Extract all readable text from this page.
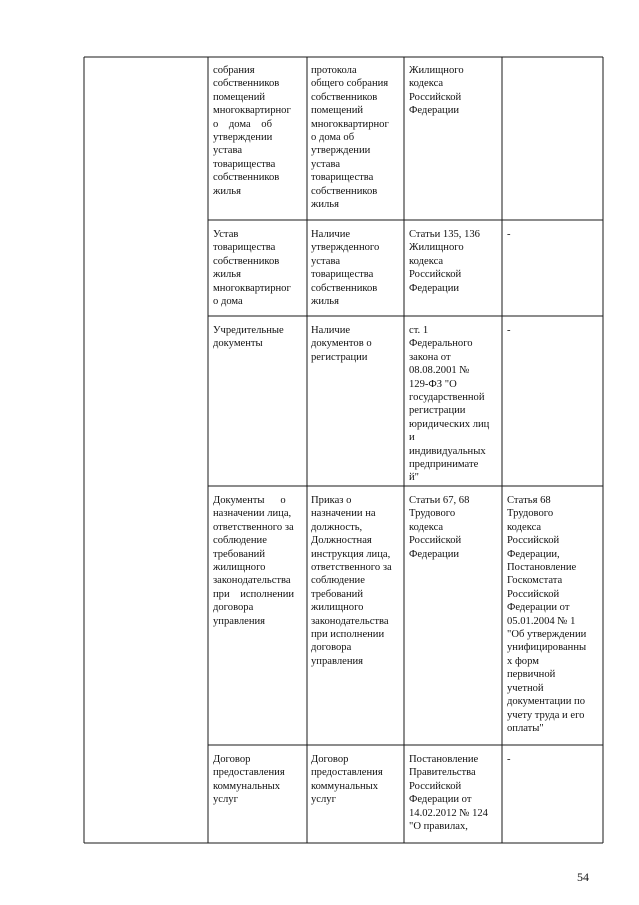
собрания
собственников
помещений
многоквартирног
о    дома    об
утверждении
устава
товарищества
собственников
жилья
протокола
общего собрания
собственников
помещений
многоквартирног
о дома об
утверждении
устава
товарищества
собственников
жилья
Жилищного
кодекса
Российской
Федерации
Устав
товарищества
собственников
жилья
многоквартирног
о дома
Наличие
утвержденного
устава
товарищества
собственников
жилья
Статьи 135, 136
Жилищного
кодекса
Российской
Федерации
-
Учредительные
документы
Наличие
документов о
регистрации
ст. 1
Федерального
закона от
08.08.2001 №
129-ФЗ "О
государственной
регистрации
юридических лиц
и
индивидуальных
предпринимате
й"
-
Документы      о
назначении лица,
ответственного за
соблюдение
требований
жилищного
законодательства
при    исполнении
договора
управления
Приказ о
назначении на
должность,
Должностная
инструкция лица,
ответственного за
соблюдение
требований
жилищного
законодательства
при исполнении
договора
управления
Статьи 67, 68
Трудового
кодекса
Российской
Федерации
Статья 68
Трудового
кодекса
Российской
Федерации,
Постановление
Госкомстата
Российской
Федерации от
05.01.2004 № 1
"Об утверждении
унифицированны
х форм
первичной
учетной
документации по
учету труда и его
оплаты"
Договор
предоставления
коммунальных
услуг
Договор
предоставления
коммунальных
услуг
Постановление
Правительства
Российской
Федерации от
14.02.2012 № 124
"О правилах,
-
54
